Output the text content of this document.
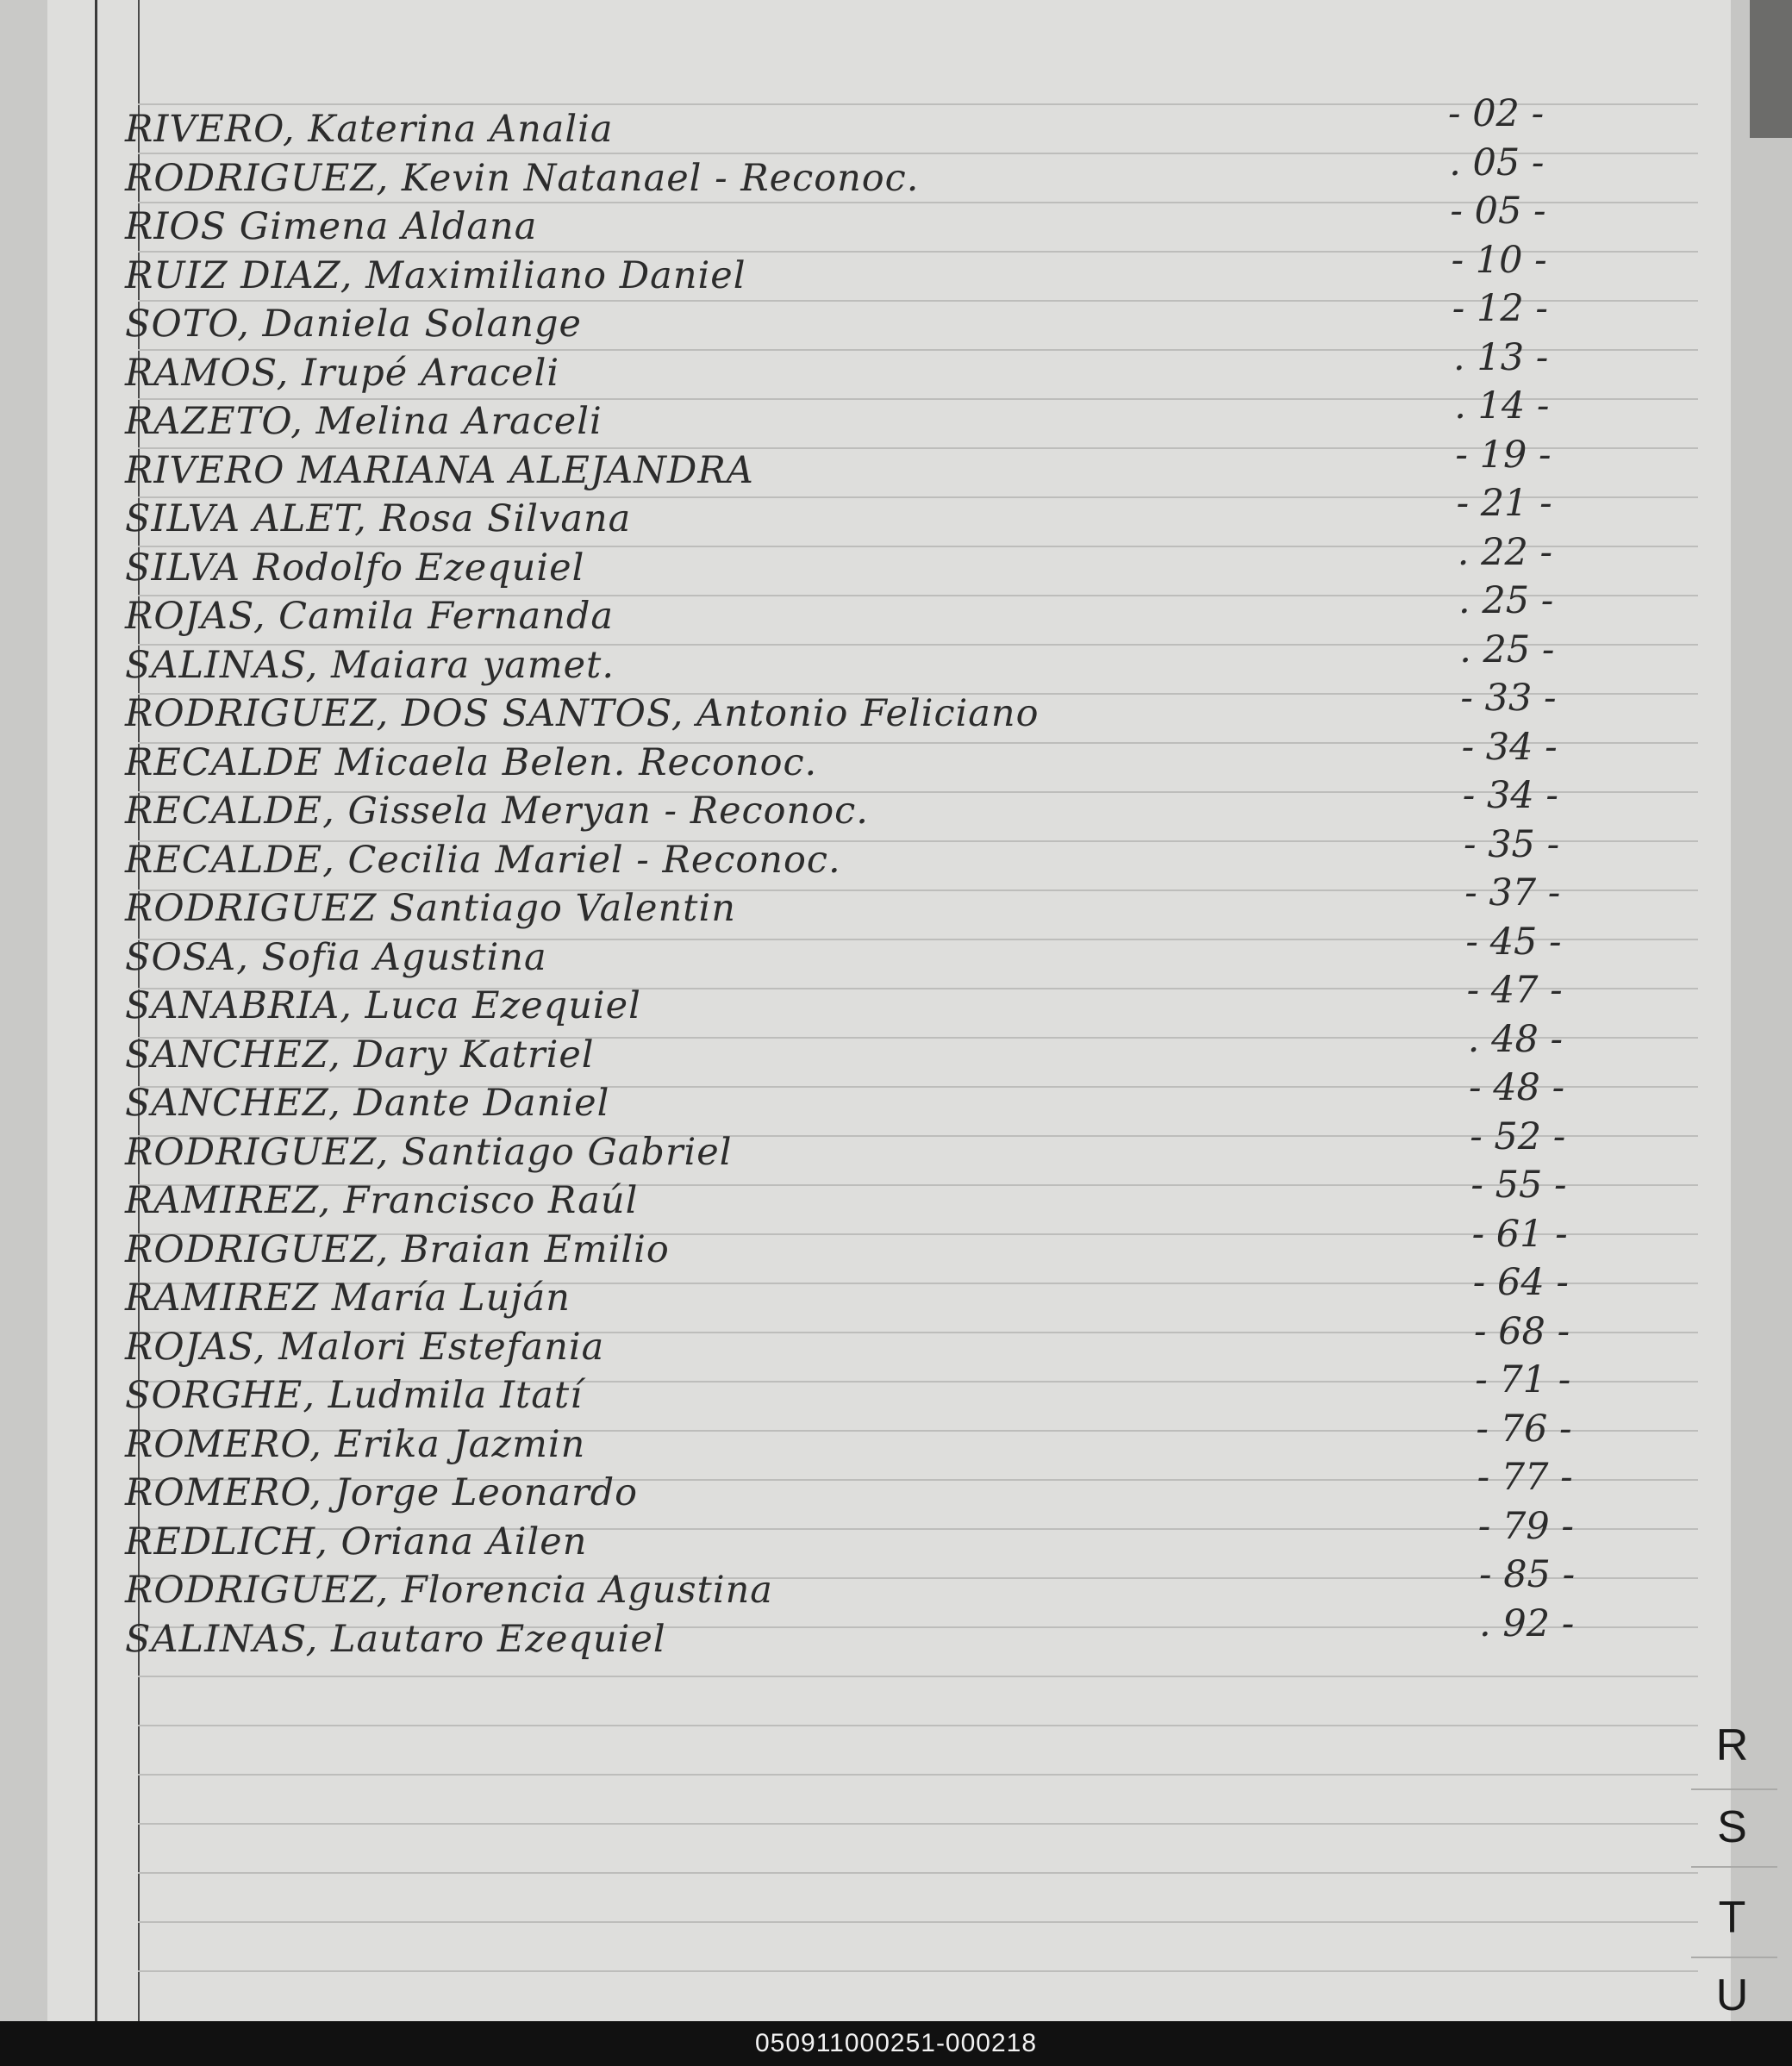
RIVERO, Katerina Analia	- 02 -
RODRIGUEZ, Kevin Natanael - Reconoc.	. 05 -
RIOS Gimena Aldana	- 05 -
RUIZ DIAZ, Maximiliano Daniel	- 10 -
SOTO, Daniela Solange	- 12 -
RAMOS, Irupé Araceli	. 13 -
RAZETO, Melina Araceli	. 14 -
RIVERO MARIANA ALEJANDRA	- 19 -
SILVA ALET, Rosa Silvana	- 21 -
SILVA Rodolfo Ezequiel	. 22 -
ROJAS, Camila Fernanda	. 25 -
SALINAS, Maiara yamet.	. 25 -
RODRIGUEZ, DOS SANTOS, Antonio Feliciano	- 33 -
RECALDE Micaela Belen. Reconoc.	- 34 -
RECALDE, Gissela Meryan - Reconoc.	- 34 -
RECALDE, Cecilia Mariel - Reconoc.	- 35 -
RODRIGUEZ Santiago Valentin	- 37 -
SOSA, Sofia Agustina	- 45 -
SANABRIA, Luca Ezequiel	- 47 -
SANCHEZ, Dary Katriel	. 48 -
SANCHEZ, Dante Daniel	- 48 -
RODRIGUEZ, Santiago Gabriel	- 52 -
RAMIREZ, Francisco Raúl	- 55 -
RODRIGUEZ, Braian Emilio	- 61 -
RAMIREZ María Luján	- 64 -
ROJAS, Malori Estefania	- 68 -
SORGHE, Ludmila Itatí	- 71 -
ROMERO, Erika Jazmin	- 76 -
ROMERO, Jorge Leonardo	- 77 -
REDLICH, Oriana Ailen	- 79 -
RODRIGUEZ, Florencia Agustina	- 85 -
SALINAS, Lautaro Ezequiel	. 92 -
R
S
T
U
050911000251-000218
